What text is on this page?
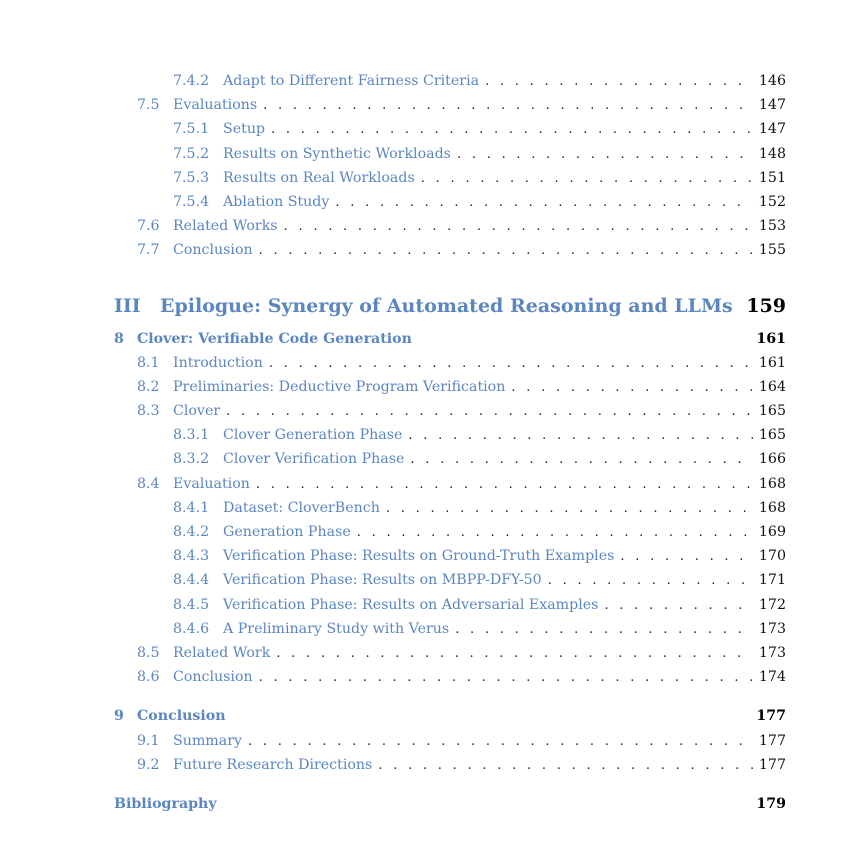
7.4.2 Adapt to Different Fairness Criteria . . .	146
7.5 Evaluations . . .	147
7.5.1 Setup . . .	147
7.5.2 Results on Synthetic Workloads . . .	148
7.5.3 Results on Real Workloads . . .	151
7.5.4 Ablation Study . . .	152
7.6 Related Works . . .	153
7.7 Conclusion . . .	155
III	Epilogue: Synergy of Automated Reasoning and LLMs 159
8 Clover: Verifiable Code Generation	161
8.1 Introduction . . .	161
8.2 Preliminaries: Deductive Program Verification . . .	164
8.3 Clover . . .	165
8.3.1 Clover Generation Phase . . .	165
8.3.2 Clover Verification Phase . . .	166
8.4 Evaluation . . .	168
8.4.1 Dataset: CloverBench . . .	168
8.4.2 Generation Phase . . .	169
8.4.3 Verification Phase: Results on Ground-Truth Examples . . .	170
8.4.4 Verification Phase: Results on MBPP-DFY-50 . . .	171
8.4.5 Verification Phase: Results on Adversarial Examples . . .	172
8.4.6 A Preliminary Study with Verus . . .	173
8.5 Related Work . . .	173
8.6 Conclusion . . .	174
9 Conclusion	177
9.1 Summary . . .	177
9.2 Future Research Directions . . .	177
Bibliography	179
